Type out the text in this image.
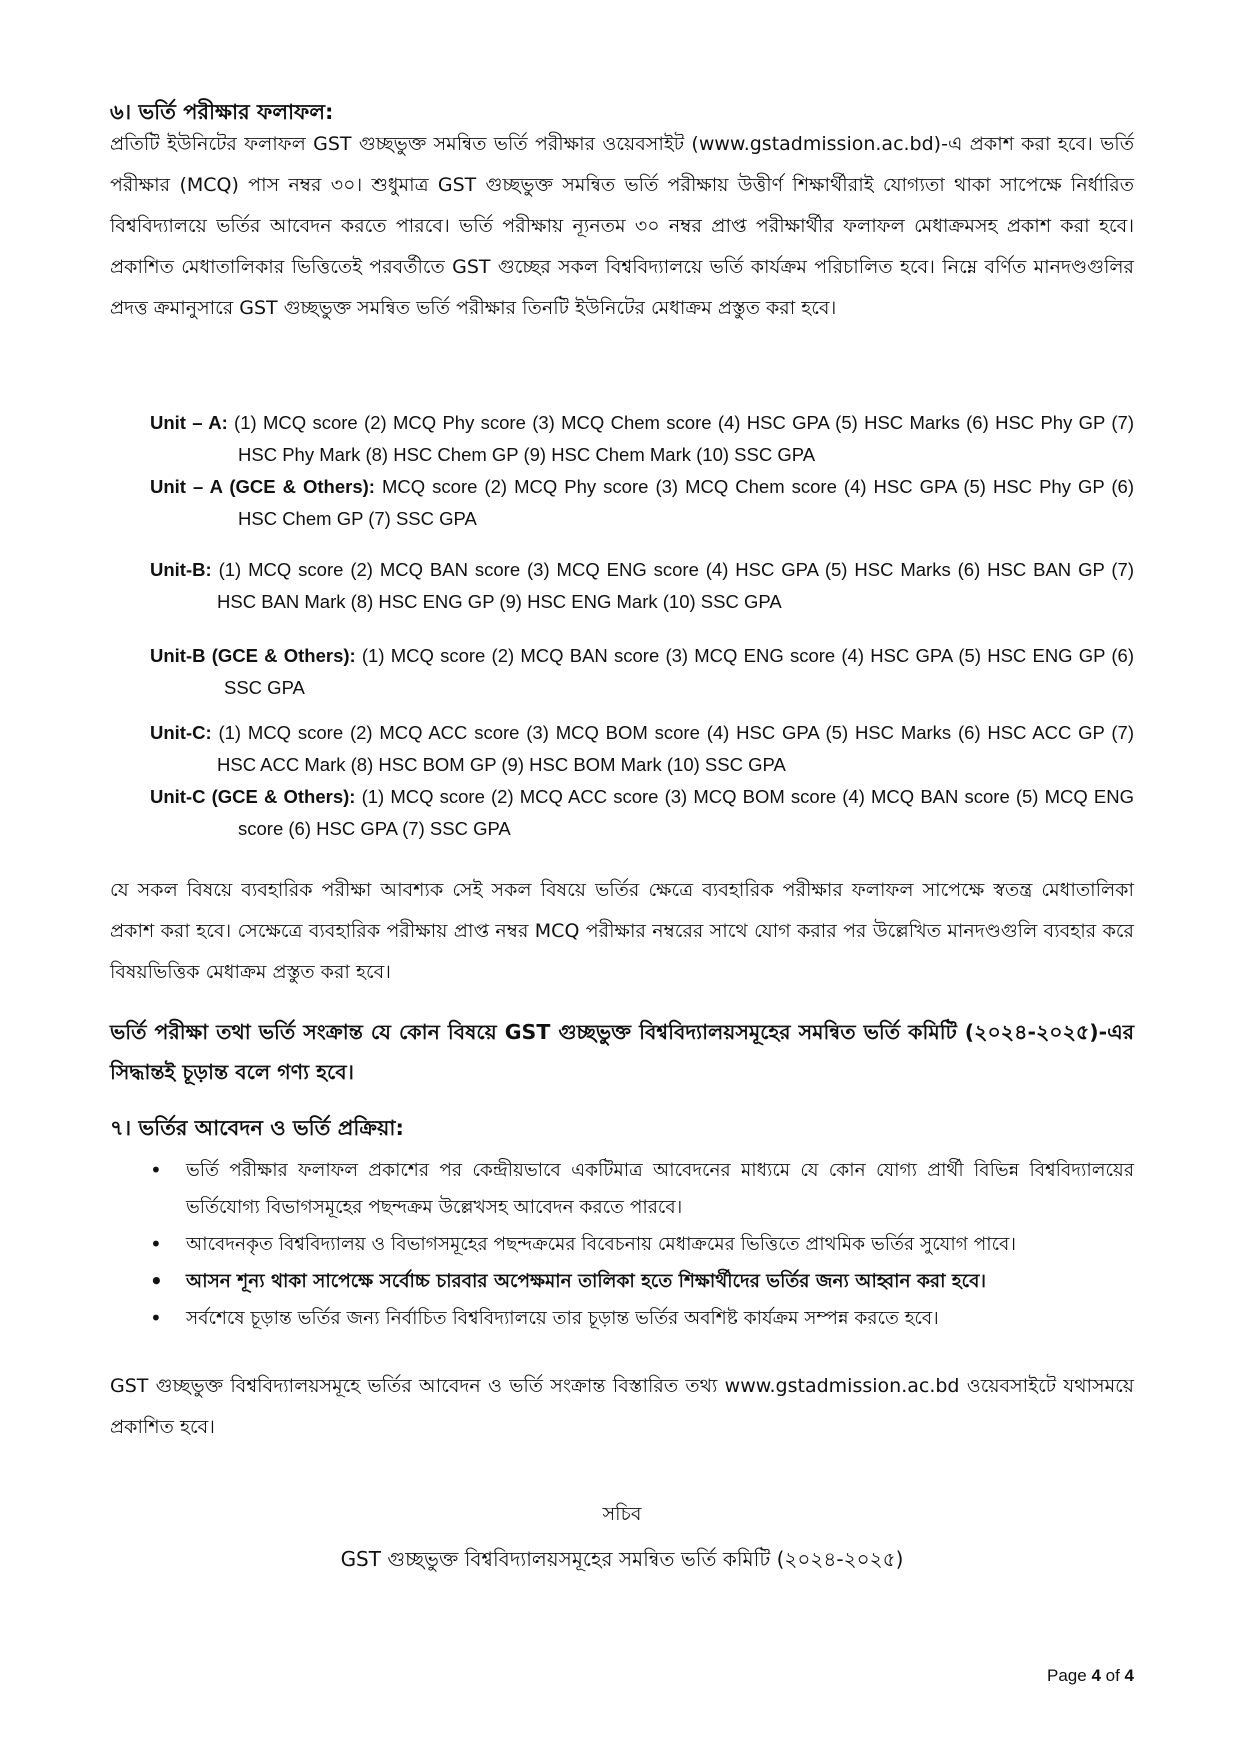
৬। ভর্তি পরীক্ষার ফলাফল:

প্রতিটি ইউনিটের ফলাফল GST গুচ্ছভুক্ত সমন্বিত ভর্তি পরীক্ষার ওয়েবসাইট (www.gstadmission.ac.bd)-এ প্রকাশ করা হবে। ভর্তি পরীক্ষার (MCQ) পাস নম্বর ৩০। শুধুমাত্র GST গুচ্ছভুক্ত সমন্বিত ভর্তি পরীক্ষায় উত্তীর্ণ শিক্ষার্থীরাই যোগ্যতা থাকা সাপেক্ষে নির্ধারিত বিশ্ববিদ্যালয়ে ভর্তির আবেদন করতে পারবে। ভর্তি পরীক্ষায় ন্যূনতম ৩০ নম্বর প্রাপ্ত পরীক্ষার্থীর ফলাফল মেধাক্রমসহ প্রকাশ করা হবে। প্রকাশিত মেধাতালিকার ভিত্তিতেই পরবর্তীতে GST গুচ্ছের সকল বিশ্ববিদ্যালয়ে ভর্তি কার্যক্রম পরিচালিত হবে। নিম্নে বর্ণিত মানদণ্ডগুলির প্রদত্ত ক্রমানুসারে GST গুচ্ছভুক্ত সমন্বিত ভর্তি পরীক্ষার তিনটি ইউনিটের মেধাক্রম প্রস্তুত করা হবে।

Unit – A: (1) MCQ score (2) MCQ Phy score (3) MCQ Chem score (4) HSC GPA (5) HSC Marks (6) HSC Phy GP (7) HSC Phy Mark (8) HSC Chem GP (9) HSC Chem Mark (10) SSC GPA

Unit – A (GCE & Others): MCQ score (2) MCQ Phy score (3) MCQ Chem score (4) HSC GPA (5) HSC Phy GP (6) HSC Chem GP (7) SSC GPA

Unit-B: (1) MCQ score (2) MCQ BAN score (3) MCQ ENG score (4) HSC GPA (5) HSC Marks (6) HSC BAN GP (7) HSC BAN Mark (8) HSC ENG GP (9) HSC ENG Mark (10) SSC GPA

Unit-B (GCE & Others): (1) MCQ score (2) MCQ BAN score (3) MCQ ENG score (4) HSC GPA (5) HSC ENG GP (6) SSC GPA

Unit-C: (1) MCQ score (2) MCQ ACC score (3) MCQ BOM score (4) HSC GPA (5) HSC Marks (6) HSC ACC GP (7) HSC ACC Mark (8) HSC BOM GP (9) HSC BOM Mark (10) SSC GPA

Unit-C (GCE & Others): (1) MCQ score (2) MCQ ACC score (3) MCQ BOM score (4) MCQ BAN score (5) MCQ ENG score (6) HSC GPA (7) SSC GPA

যে সকল বিষয়ে ব্যবহারিক পরীক্ষা আবশ্যক সেই সকল বিষয়ে ভর্তির ক্ষেত্রে ব্যবহারিক পরীক্ষার ফলাফল সাপেক্ষে স্বতন্ত্র মেধাতালিকা প্রকাশ করা হবে। সেক্ষেত্রে ব্যবহারিক পরীক্ষায় প্রাপ্ত নম্বর MCQ পরীক্ষার নম্বরের সাথে যোগ করার পর উল্লেখিত মানদণ্ডগুলি ব্যবহার করে বিষয়ভিত্তিক মেধাক্রম প্রস্তুত করা হবে।

ভর্তি পরীক্ষা তথা ভর্তি সংক্রান্ত যে কোন বিষয়ে GST গুচ্ছভুক্ত বিশ্ববিদ্যালয়সমূহের সমন্বিত ভর্তি কমিটি (২০২৪-২০২৫)-এর সিদ্ধান্তই চূড়ান্ত বলে গণ্য হবে।

৭। ভর্তির আবেদন ও ভর্তি প্রক্রিয়া:
• ভর্তি পরীক্ষার ফলাফল প্রকাশের পর কেন্দ্রীয়ভাবে একটিমাত্র আবেদনের মাধ্যমে যে কোন যোগ্য প্রার্থী বিভিন্ন বিশ্ববিদ্যালয়ের ভর্তিযোগ্য বিভাগসমূহের পছন্দক্রম উল্লেখসহ আবেদন করতে পারবে।
• আবেদনকৃত বিশ্ববিদ্যালয় ও বিভাগসমূহের পছন্দক্রমের বিবেচনায় মেধাক্রমের ভিত্তিতে প্রাথমিক ভর্তির সুযোগ পাবে।
• আসন শূন্য থাকা সাপেক্ষে সর্বোচ্চ চারবার অপেক্ষমান তালিকা হতে শিক্ষার্থীদের ভর্তির জন্য আহ্বান করা হবে।
• সর্বশেষে চূড়ান্ত ভর্তির জন্য নির্বাচিত বিশ্ববিদ্যালয়ে তার চূড়ান্ত ভর্তির অবশিষ্ট কার্যক্রম সম্পন্ন করতে হবে।

GST গুচ্ছভুক্ত বিশ্ববিদ্যালয়সমূহে ভর্তির আবেদন ও ভর্তি সংক্রান্ত বিস্তারিত তথ্য www.gstadmission.ac.bd ওয়েবসাইটে যথাসময়ে প্রকাশিত হবে।

সচিব

GST গুচ্ছভুক্ত বিশ্ববিদ্যালয়সমূহের সমন্বিত ভর্তি কমিটি (২০২৪-২০২৫)

Page 4 of 4
